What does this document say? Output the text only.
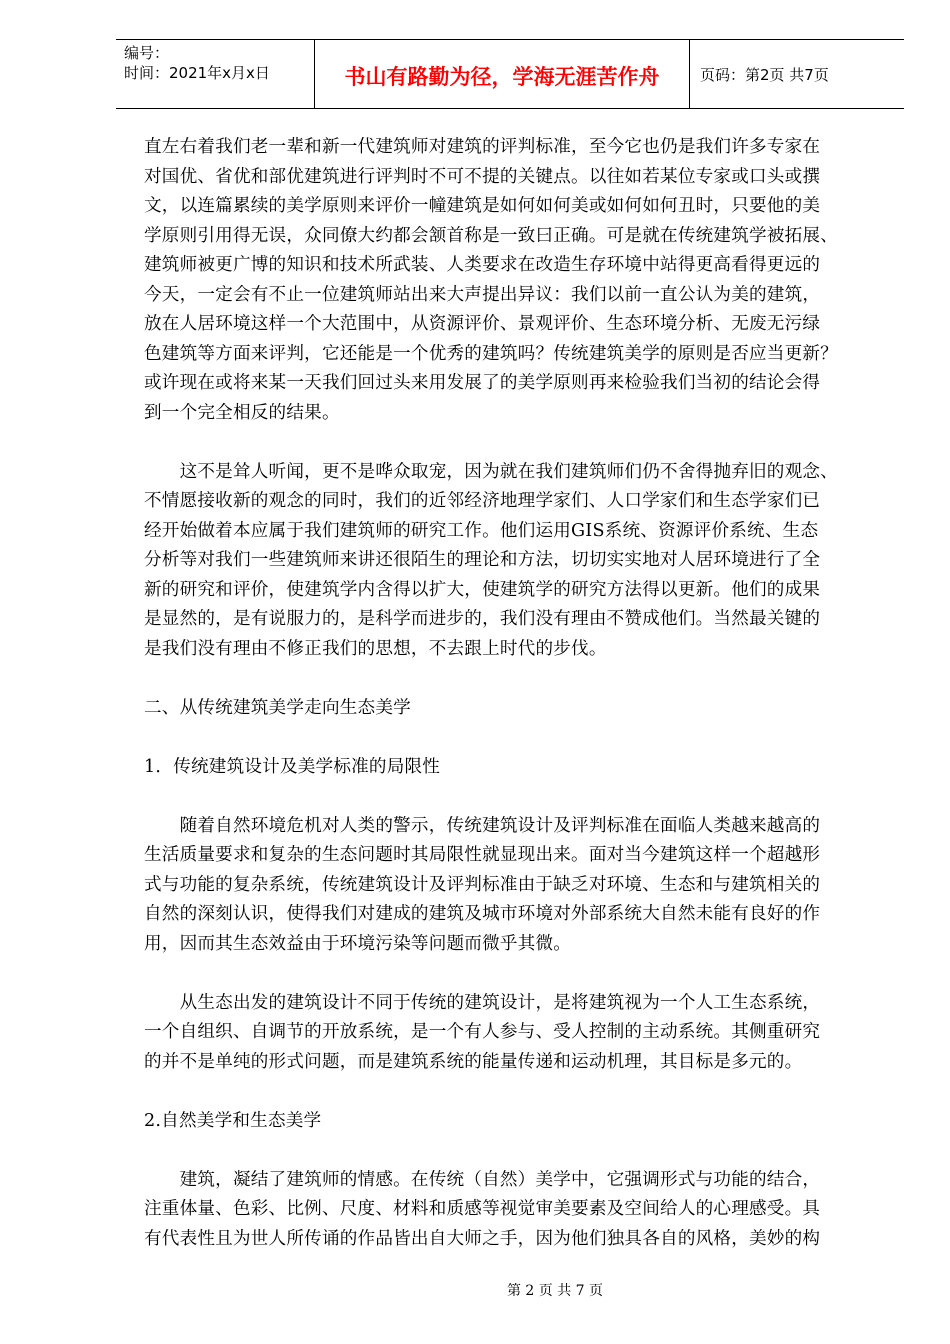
编号：
时间：2021年x月x日	书山有路勤为径，学海无涯苦作舟	页码：第2页 共7页
直左右着我们老一辈和新一代建筑师对建筑的评判标准，至今它也仍是我们许多专家在
对国优、省优和部优建筑进行评判时不可不提的关键点。以往如若某位专家或口头或撰
文，以连篇累续的美学原则来评价一幢建筑是如何如何美或如何如何丑时，只要他的美
学原则引用得无误，众同僚大约都会颔首称是一致曰正确。可是就在传统建筑学被拓展、
建筑师被更广博的知识和技术所武装、人类要求在改造生存环境中站得更高看得更远的
今天，一定会有不止一位建筑师站出来大声提出异议：我们以前一直公认为美的建筑，
放在人居环境这样一个大范围中，从资源评价、景观评价、生态环境分析、无废无污绿
色建筑等方面来评判，它还能是一个优秀的建筑吗？传统建筑美学的原则是否应当更新？
或许现在或将来某一天我们回过头来用发展了的美学原则再来检验我们当初的结论会得
到一个完全相反的结果。
　　这不是耸人听闻，更不是哗众取宠，因为就在我们建筑师们仍不舍得抛弃旧的观念、
不情愿接收新的观念的同时，我们的近邻经济地理学家们、人口学家们和生态学家们已
经开始做着本应属于我们建筑师的研究工作。他们运用GIS系统、资源评价系统、生态
分析等对我们一些建筑师来讲还很陌生的理论和方法，切切实实地对人居环境进行了全
新的研究和评价，使建筑学内含得以扩大，使建筑学的研究方法得以更新。他们的成果
是显然的，是有说服力的，是科学而进步的，我们没有理由不赞成他们。当然最关键的
是我们没有理由不修正我们的思想，不去跟上时代的步伐。
二、从传统建筑美学走向生态美学
1．传统建筑设计及美学标准的局限性
　　随着自然环境危机对人类的警示，传统建筑设计及评判标准在面临人类越来越高的
生活质量要求和复杂的生态问题时其局限性就显现出来。面对当今建筑这样一个超越形
式与功能的复杂系统，传统建筑设计及评判标准由于缺乏对环境、生态和与建筑相关的
自然的深刻认识，使得我们对建成的建筑及城市环境对外部系统大自然未能有良好的作
用，因而其生态效益由于环境污染等问题而微乎其微。
　　从生态出发的建筑设计不同于传统的建筑设计，是将建筑视为一个人工生态系统，
一个自组织、自调节的开放系统，是一个有人参与、受人控制的主动系统。其侧重研究
的并不是单纯的形式问题，而是建筑系统的能量传递和运动机理，其目标是多元的。
2.自然美学和生态美学
　　建筑，凝结了建筑师的情感。在传统（自然）美学中，它强调形式与功能的结合，
注重体量、色彩、比例、尺度、材料和质感等视觉审美要素及空间给人的心理感受。具
有代表性且为世人所传诵的作品皆出自大师之手，因为他们独具各自的风格，美妙的构
第 2 页 共 7 页
